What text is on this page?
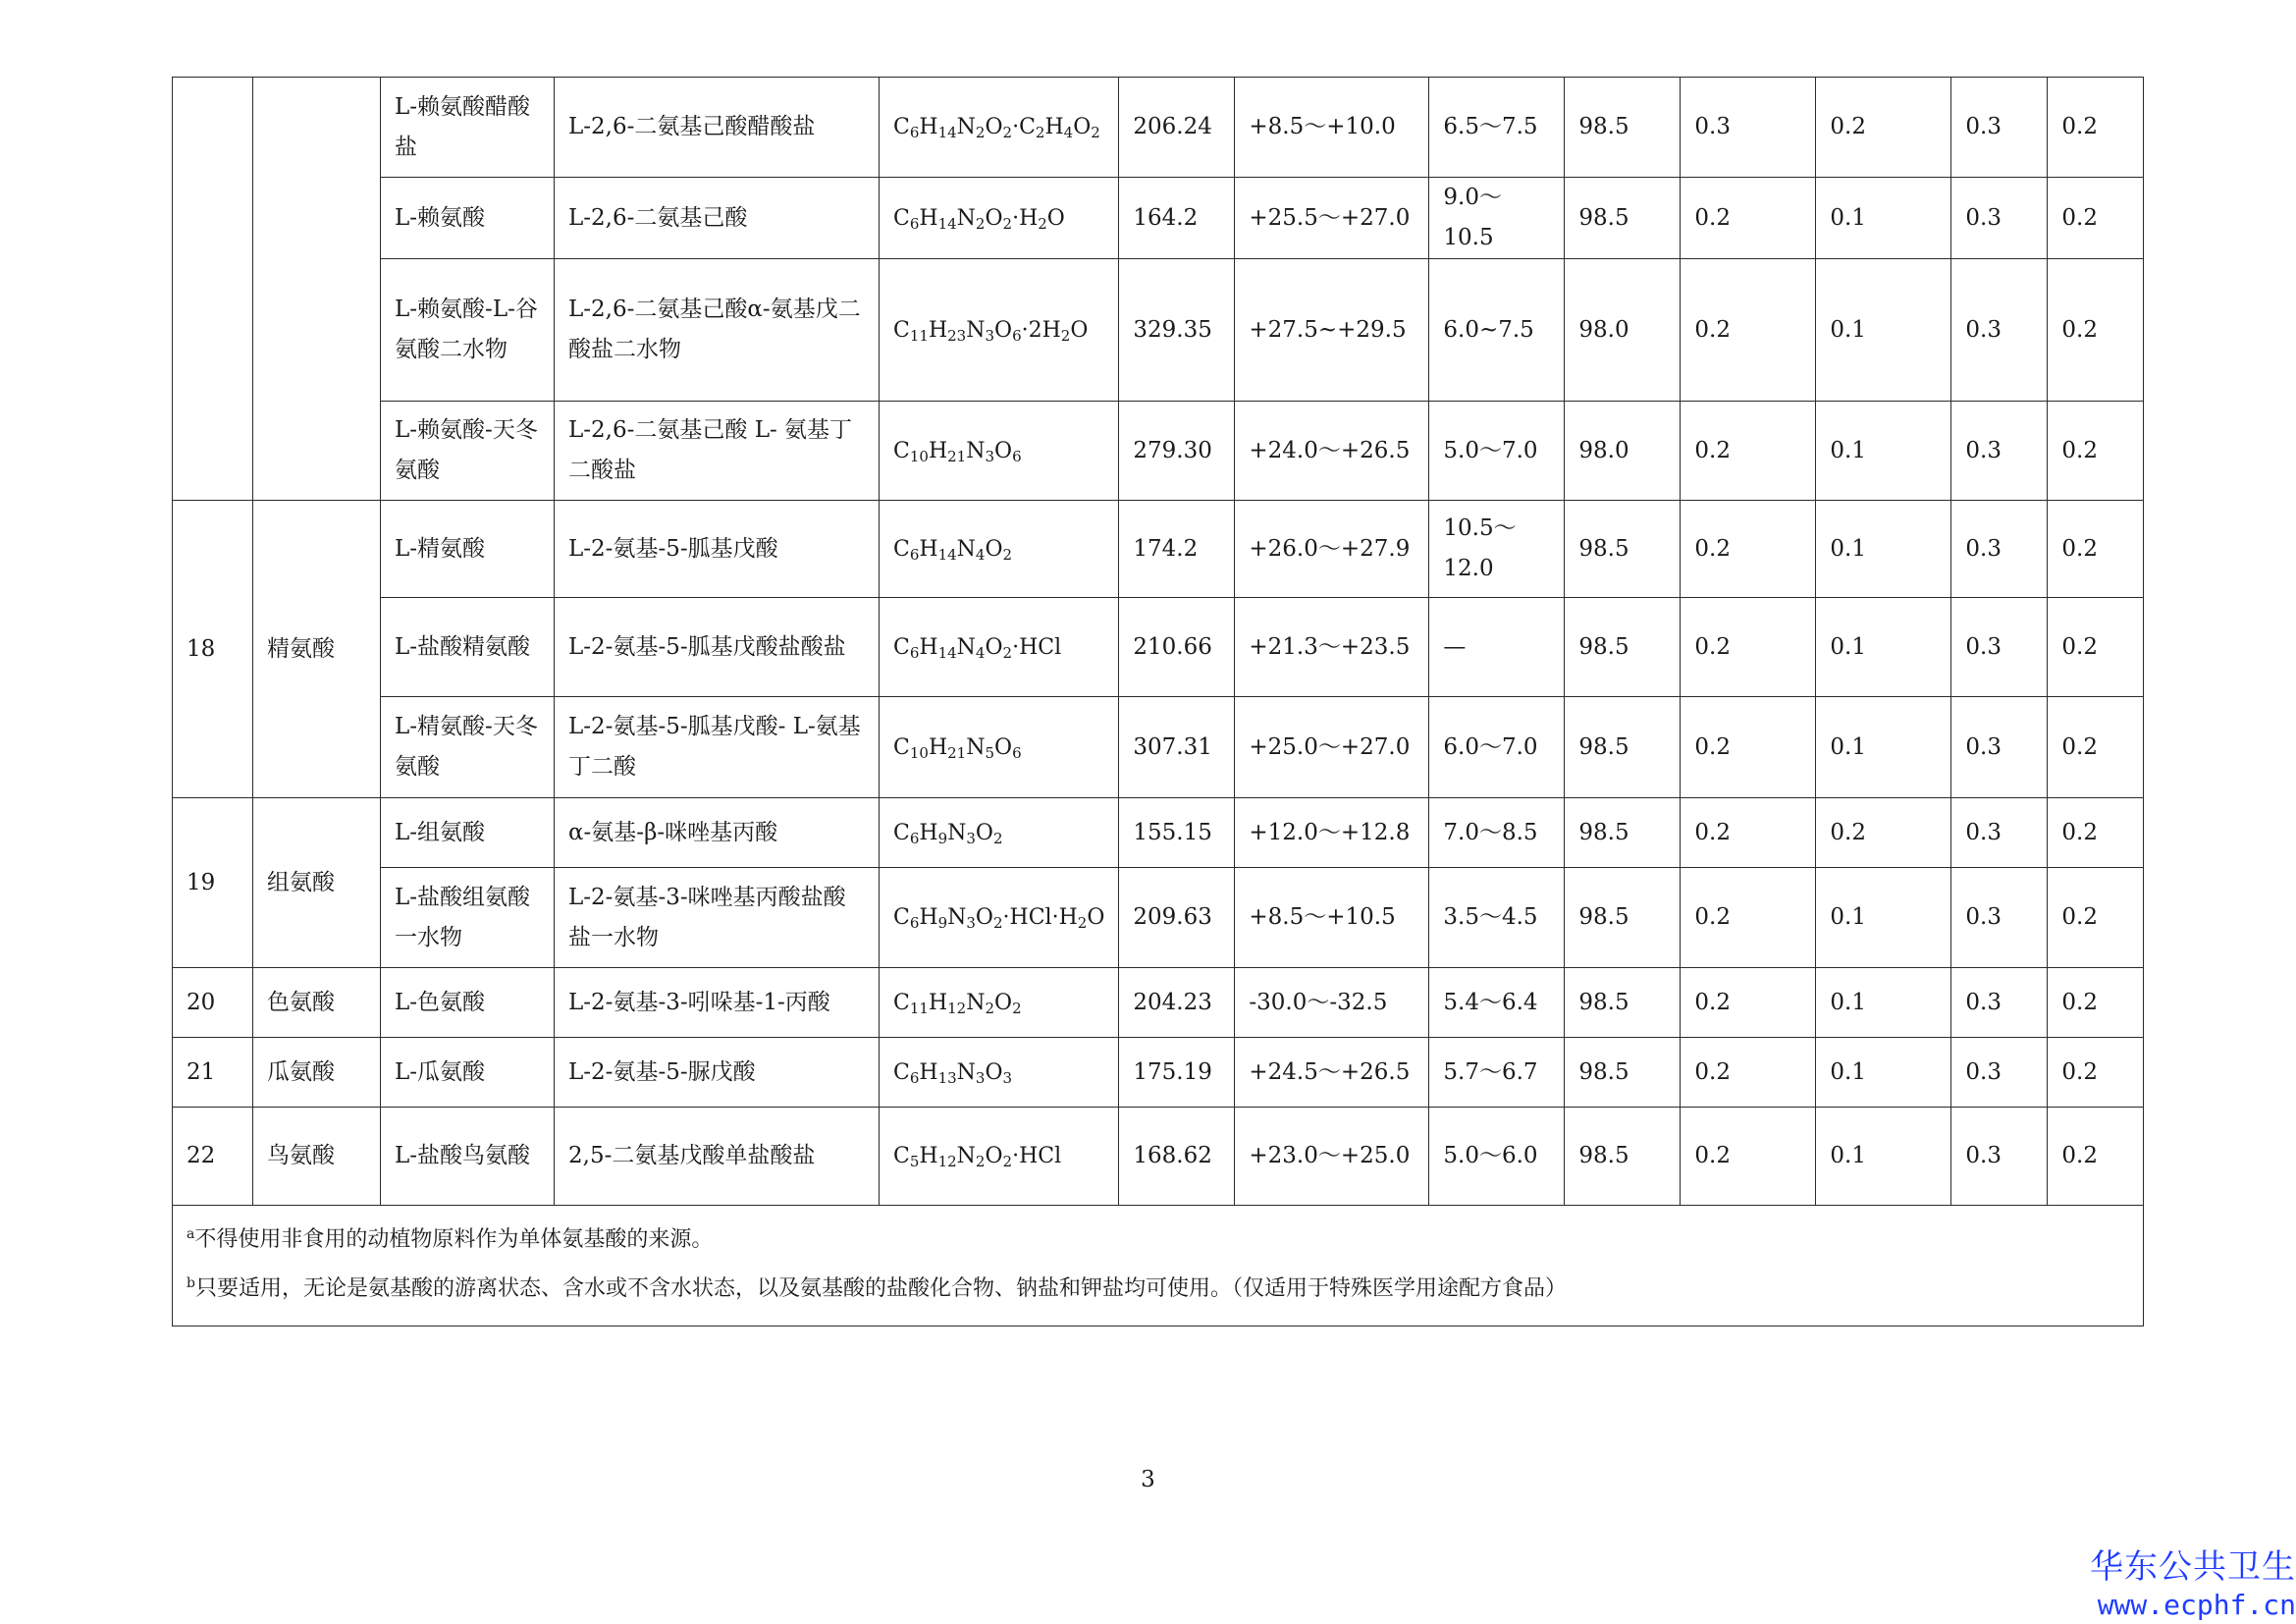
		L-赖氨酸醋酸盐	L-2,6-二氨基己酸醋酸盐	$C_6H_{14}N_2O_2\cdot C_2H_4O_2$	206.24	+8.5～+10.0	6.5～7.5	98.5	0.3	0.2	0.3	0.2
		L-赖氨酸	L-2,6-二氨基己酸	$C_6H_{14}N_2O_2\cdot H_2O$	164.2	+25.5～+27.0	9.0～10.5	98.5	0.2	0.1	0.3	0.2
		L-赖氨酸-L-谷氨酸二水物	L-2,6-二氨基己酸α-氨基戊二酸盐二水物	$C_{11}H_{23}N_3O_6\cdot 2H_2O$	329.35	+27.5~+29.5	6.0~7.5	98.0	0.2	0.1	0.3	0.2
		L-赖氨酸-天冬氨酸	L-2,6-二氨基己酸 L- 氨基丁二酸盐	$C_{10}H_{21}N_3O_6$	279.30	+24.0～+26.5	5.0～7.0	98.0	0.2	0.1	0.3	0.2
18	精氨酸	L-精氨酸	L-2-氨基-5-胍基戊酸	$C_6H_{14}N_4O_2$	174.2	+26.0～+27.9	10.5～12.0	98.5	0.2	0.1	0.3	0.2
		L-盐酸精氨酸	L-2-氨基-5-胍基戊酸盐酸盐	$C_6H_{14}N_4O_2\cdot HCl$	210.66	+21.3～+23.5	—	98.5	0.2	0.1	0.3	0.2
		L-精氨酸-天冬氨酸	L-2-氨基-5-胍基戊酸- L-氨基丁二酸	$C_{10}H_{21}N_5O_6$	307.31	+25.0～+27.0	6.0～7.0	98.5	0.2	0.1	0.3	0.2
19	组氨酸	L-组氨酸	α-氨基-β-咪唑基丙酸	$C_6H_9N_3O_2$	155.15	+12.0～+12.8	7.0～8.5	98.5	0.2	0.2	0.3	0.2
		L-盐酸组氨酸一水物	L-2-氨基-3-咪唑基丙酸盐酸盐一水物	$C_6H_9N_3O_2\cdot HCl\cdot H_2O$	209.63	+8.5～+10.5	3.5～4.5	98.5	0.2	0.1	0.3	0.2
20	色氨酸	L-色氨酸	L-2-氨基-3-吲哚基-1-丙酸	$C_{11}H_{12}N_2O_2$	204.23	-30.0～-32.5	5.4～6.4	98.5	0.2	0.1	0.3	0.2
21	瓜氨酸	L-瓜氨酸	L-2-氨基-5-脲戊酸	$C_6H_{13}N_3O_3$	175.19	+24.5～+26.5	5.7～6.7	98.5	0.2	0.1	0.3	0.2
22	鸟氨酸	L-盐酸鸟氨酸	2,5-二氨基戊酸单盐酸盐	$C_5H_{12}N_2O_2\cdot HCl$	168.62	+23.0～+25.0	5.0～6.0	98.5	0.2	0.1	0.3	0.2

$^a$不得使用非食用的动植物原料作为单体氨基酸的来源。
$^b$只要适用，无论是氨基酸的游离状态、含水或不含水状态，以及氨基酸的盐酸化合物、钠盐和钾盐均可使用。（仅适用于特殊医学用途配方食品）												
3
华东公共卫生
www.ecphf.cn
